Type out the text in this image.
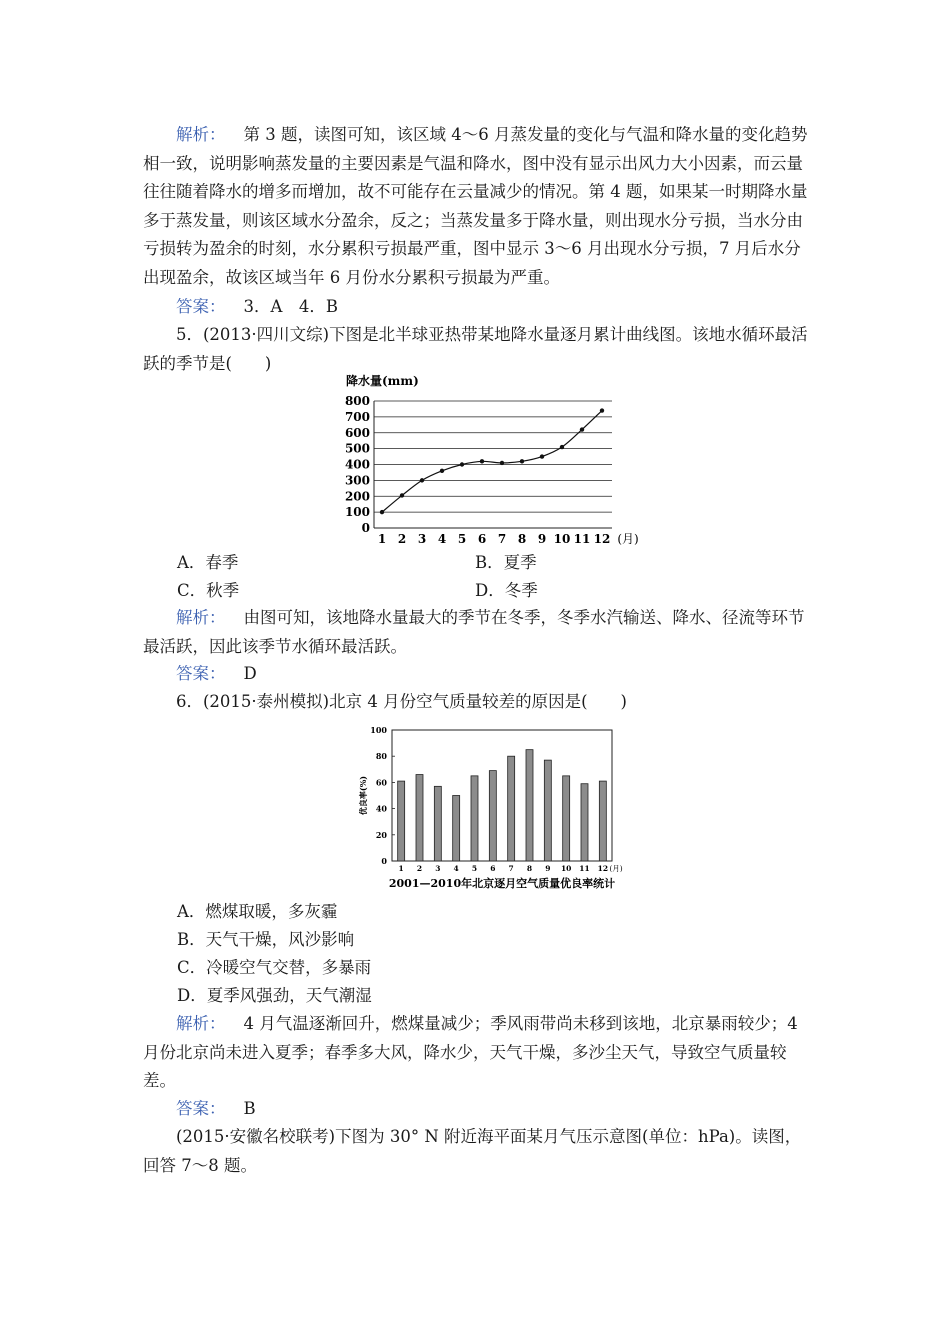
解析： 第 3 题，读图可知，该区域 4～6 月蒸发量的变化与气温和降水量的变化趋势相一致，说明影响蒸发量的主要因素是气温和降水，图中没有显示出风力大小因素，而云量往往随着降水的增多而增加，故不可能存在云量减少的情况。第 4 题，如果某一时期降水量多于蒸发量，则该区域水分盈余，反之；当蒸发量多于降水量，则出现水分亏损，当水分由亏损转为盈余的时刻，水分累积亏损最严重，图中显示 3～6 月出现水分亏损，7 月后水分出现盈余，故该区域当年 6 月份水分累积亏损最为严重。
答案： 3．A　4．B
5．(2013·四川文综)下图是北半球亚热带某地降水量逐月累计曲线图。该地水循环最活跃的季节是(　　)
降水量(mm)
0
100
200
300
400
500
600
700
800
1 2 3 4 5 6 7 8 9 10 11 12 (月)
A．春季	B．夏季
C．秋季	D．冬季
解析： 由图可知，该地降水量最大的季节在冬季，冬季水汽输送、降水、径流等环节最活跃，因此该季节水循环最活跃。
答案： D
6．(2015·泰州模拟)北京 4 月份空气质量较差的原因是(　　)
0
20
40
60
80
100
优良率(%)
1 2 3 4 5 6 7 8 9 10 11 12 (月)
2001—2010年北京逐月空气质量优良率统计
A．燃煤取暖，多灰霾
B．天气干燥，风沙影响
C．冷暖空气交替，多暴雨
D．夏季风强劲，天气潮湿
解析： 4 月气温逐渐回升，燃煤量减少；季风雨带尚未移到该地，北京暴雨较少；4 月份北京尚未进入夏季；春季多大风，降水少，天气干燥，多沙尘天气，导致空气质量较差。
答案： B
(2015·安徽名校联考)下图为 30° N 附近海平面某月气压示意图(单位：hPa)。读图，回答 7～8 题。
